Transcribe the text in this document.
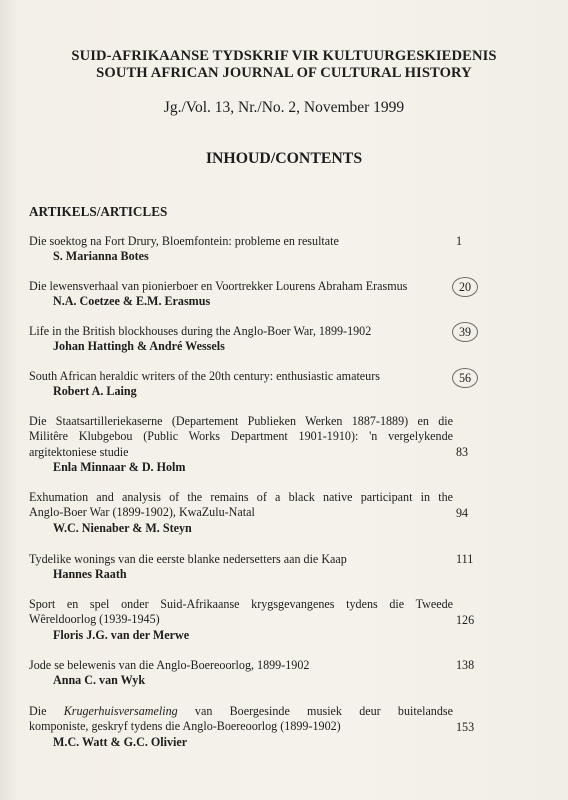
SUID-AFRIKAANSE TYDSKRIF VIR KULTUURGESKIEDENIS
SOUTH AFRICAN JOURNAL OF CULTURAL HISTORY
Jg./Vol. 13, Nr./No. 2, November 1999
INHOUD/CONTENTS
ARTIKELS/ARTICLES
Die soektog na Fort Drury, Bloemfontein: probleme en resultate
S. Marianna Botes
1
Die lewensverhaal van pionierboer en Voortrekker Lourens Abraham Erasmus
N.A. Coetzee & E.M. Erasmus
20
Life in the British blockhouses during the Anglo-Boer War, 1899-1902
Johan Hattingh & André Wessels
39
South African heraldic writers of the 20th century: enthusiastic amateurs
Robert A. Laing
56
Die Staatsartilleriekaserne (Departement Publieken Werken 1887-1889) en die
Militêre Klubgebou (Public Works Department 1901-1910): 'n vergelykende
argitektoniese studie
Enla Minnaar & D. Holm
83
Exhumation and analysis of the remains of a black native participant in the
Anglo-Boer War (1899-1902), KwaZulu-Natal
W.C. Nienaber & M. Steyn
94
Tydelike wonings van die eerste blanke nedersetters aan die Kaap
Hannes Raath
111
Sport en spel onder Suid-Afrikaanse krygsgevangenes tydens die Tweede
Wêreldoorlog (1939-1945)
Floris J.G. van der Merwe
126
Jode se belewenis van die Anglo-Boereoorlog, 1899-1902
Anna C. van Wyk
138
Die Krugerhuisversameling van Boergesinde musiek deur buitelandse
komponiste, geskryf tydens die Anglo-Boereoorlog (1899-1902)
M.C. Watt & G.C. Olivier
153
